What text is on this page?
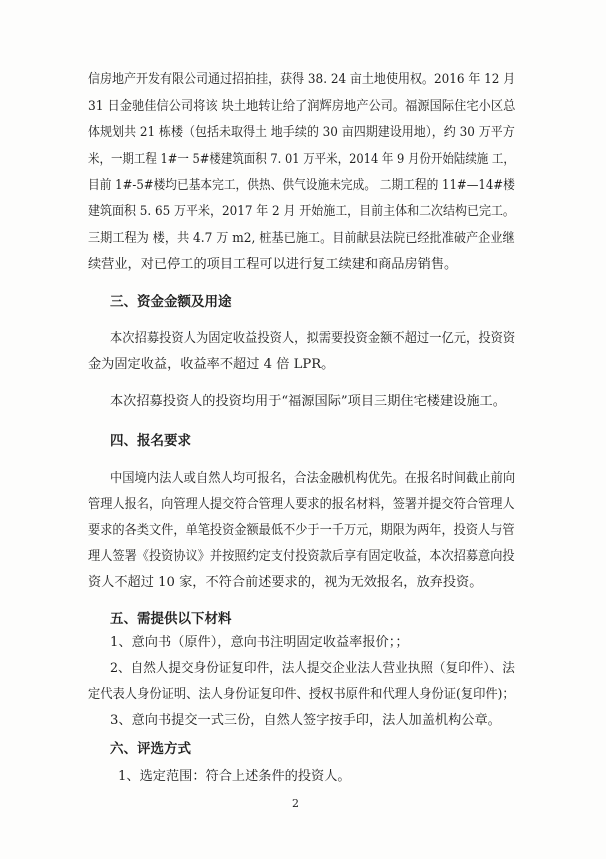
信房地产开发有限公司通过招拍挂，获得 38. 24 亩土地使用权。2016 年 12 月
31 日金驰佳信公司将该 块土地转让给了润辉房地产公司。福源国际住宅小区总
体规划共 21 栋楼（包括未取得土 地手续的 30 亩四期建设用地），约 30 万平方
米，一期工程 1#一 5#楼建筑面积 7. 01 万平米，2014 年 9 月份开始陆续施 工，
目前 1#-5#楼均已基本完工，供热、供气设施未完成。 二期工程的 11#—14#楼
建筑面积 5. 65 万平米，2017 年 2 月 开始施工，目前主体和二次结构已完工。
三期工程为 楼，共 4.7 万 m2, 桩基已施工。目前献县法院已经批准破产企业继
续营业，对已停工的项目工程可以进行复工续建和商品房销售。
三、资金金额及用途
本次招募投资人为固定收益投资人，拟需要投资金额不超过一亿元，投资资
金为固定收益，收益率不超过 4 倍 LPR。
本次招募投资人的投资均用于“福源国际”项目三期住宅楼建设施工。
四、报名要求
中国境内法人或自然人均可报名，合法金融机构优先。在报名时间截止前向
管理人报名，向管理人提交符合管理人要求的报名材料，签署并提交符合管理人
要求的各类文件，单笔投资金额最低不少于一千万元，期限为两年，投资人与管
理人签署《投资协议》并按照约定支付投资款后享有固定收益，本次招募意向投
资人不超过 10 家，不符合前述要求的，视为无效报名，放弃投资。
五、需提供以下材料
1、意向书（原件），意向书注明固定收益率报价；；
2、自然人提交身份证复印件，法人提交企业法人营业执照（复印件）、法
定代表人身份证明、法人身份证复印件、授权书原件和代理人身份证(复印件)；
3、意向书提交一式三份，自然人签字按手印，法人加盖机构公章。
六、评选方式
1、选定范围：符合上述条件的投资人。
2
